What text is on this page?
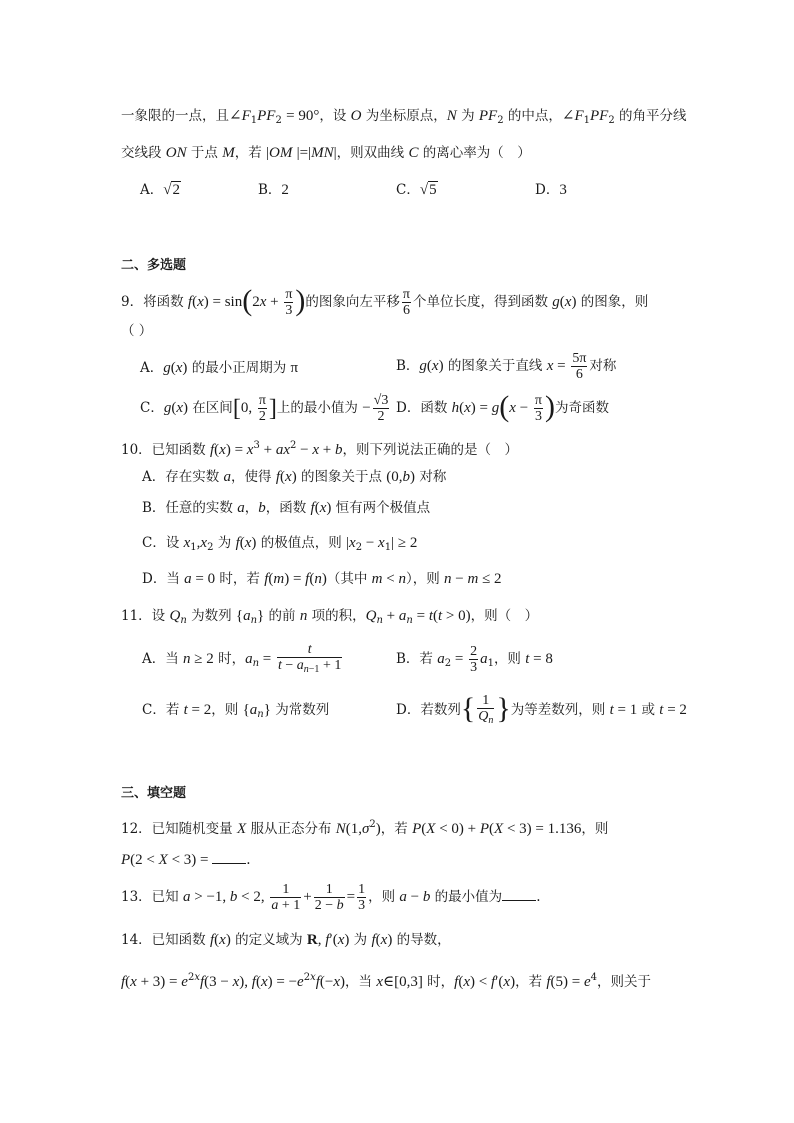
一象限的一点，且$\angle F_1PF_2 = 90^\circ$，设 O 为坐标原点，N 为 $PF_2$ 的中点，$\angle F_1PF_2$ 的角平分线
交线段 ON 于点 M，若 |OM |=|MN|，则双曲线 C 的离心率为（　）
A．√2	B．2	C．√5	D．3
二、多选题
9．将函数 $f(x) = \sin(2x + \frac{\pi}{3}$ )的图象向左平移 $\frac{\pi}{6}$ 个单位长度，得到函数 g(x) 的图象，则
（ ）
A．g(x) 的最小正周期为 π	B．g(x) 的图象关于直线 $x = \frac{5\pi}{6}$ 对称
C．g(x) 在区间[0, $\frac{\pi}{2}$ ]上的最小值为 − $\frac{√3}{2}$ D．函数 $h(x) = g(x - \frac{\pi}{3}$ )为奇函数
10．已知函数 $f(x) = x^3 + ax^2 - x + b$，则下列说法正确的是（　）
A．存在实数 a，使得 f(x) 的图象关于点 (0,b) 对称
B．任意的实数 a，b，函数 f(x) 恒有两个极值点
C．设 $x_1,x_2$ 为 f(x) 的极值点，则 $|x_2 - x_1| \ge 2$
D．当 a = 0 时，若 f(m) = f(n)（其中 m < n），则 n − m ≤ 2
11．设 $Q_n$ 为数列 $\{a_n\}$ 的前 n 项的积，$Q_n + a_n = t(t > 0)$，则（　）
A．当 n ≥ 2 时，$a_n = \frac{t}{t - a_{n-1} + 1}$	B．若 $a_2 = \frac{2}{3} a_1$，则 t = 8
C．若 t = 2，则 $\{a_n\}$ 为常数列	D．若数列{ $\frac{1}{Q_n}$ }为等差数列，则 t = 1 或 t = 2
三、填空题
12．已知随机变量 X 服从正态分布 $N(1,\sigma^2)$，若 P(X < 0) + P(X < 3) = 1.136，则
P(2 < X < 3) =	.
13．已知 a > −1, b < 2, $\frac{1}{a + 1} + \frac{1}{2 - b} = \frac{1}{3}$ ，则 a − b 的最小值为	.
14．已知函数 f(x) 的定义域为 R, f′(x) 为 f(x) 的导数，
$f(x + 3) = e^{2x}f(3 - x)$, $f(x) = -e^{2x}f(-x)$，当 x∈[0,3] 时，f(x) < f′(x)，若 $f(5) = e^4$，则关于
